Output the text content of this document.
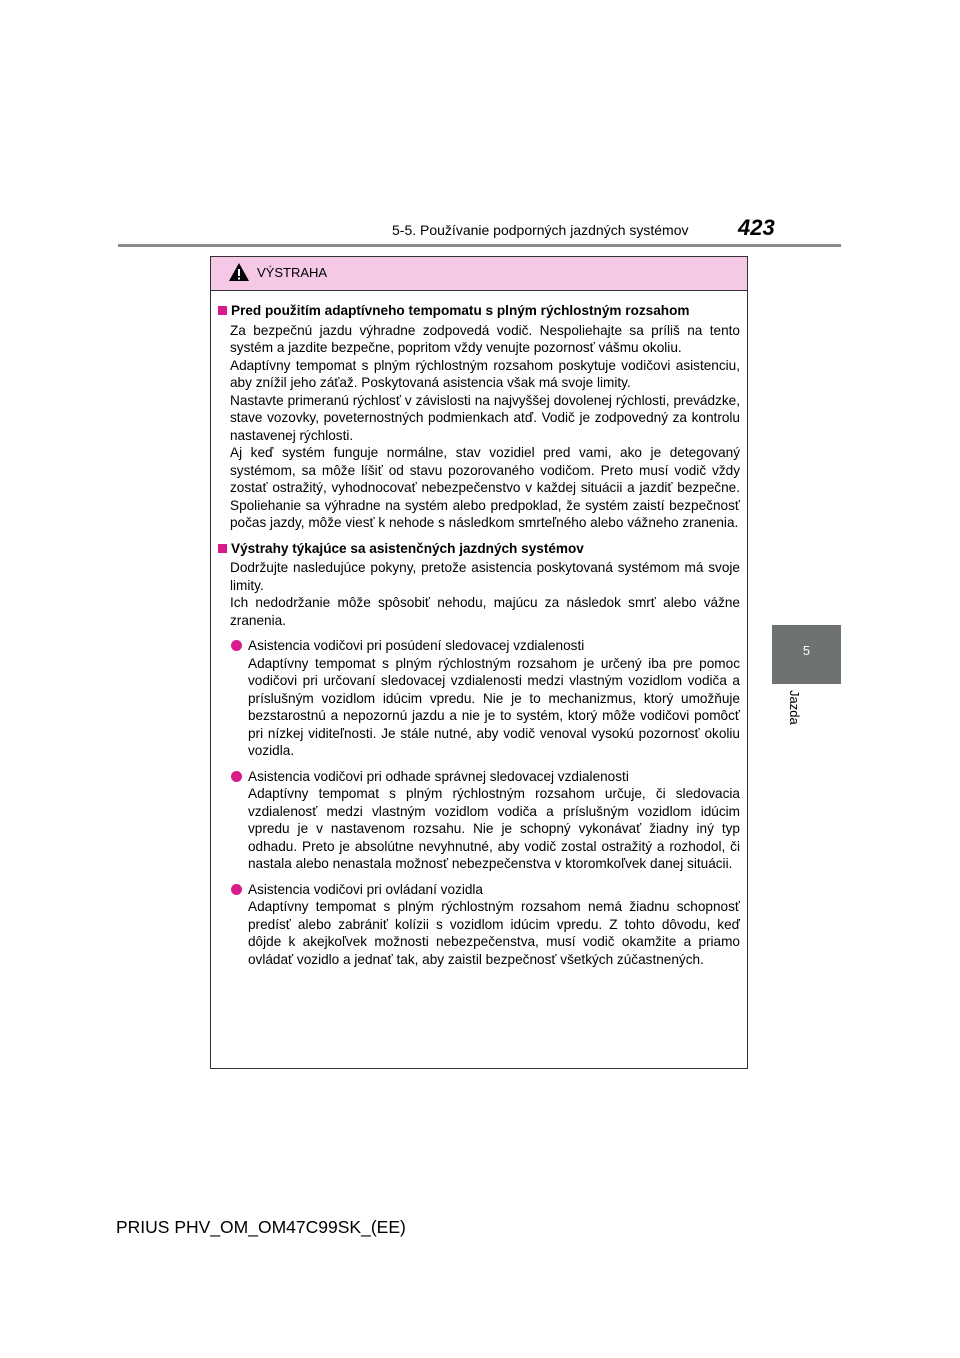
5-5. Používanie podporných jazdných systémov 423
5
Jazda
VÝSTRAHA
Pred použitím adaptívneho tempomatu s plným rýchlostným rozsahom

Za bezpečnú jazdu výhradne zodpovedá vodič. Nespoliehajte sa príliš na tento systém a jazdite bezpečne, popritom vždy venujte pozornosť vášmu okoliu.

Adaptívny tempomat s plným rýchlostným rozsahom poskytuje vodičovi asistenciu, aby znížil jeho záťaž. Poskytovaná asistencia však má svoje limity.

Nastavte primeranú rýchlosť v závislosti na najvyššej dovolenej rýchlosti, prevádzke, stave vozovky, poveternostných podmienkach atď. Vodič je zodpovedný za kontrolu nastavenej rýchlosti.

Aj keď systém funguje normálne, stav vozidiel pred vami, ako je detegovaný systémom, sa môže líšiť od stavu pozorovaného vodičom. Preto musí vodič vždy zostať ostražitý, vyhodnocovať nebezpečenstvo v každej situácii a jazdiť bezpečne. Spoliehanie sa výhradne na systém alebo predpoklad, že systém zaistí bezpečnosť počas jazdy, môže viesť k nehode s následkom smrteľného alebo vážneho zranenia.

Výstrahy týkajúce sa asistenčných jazdných systémov

Dodržujte nasledujúce pokyny, pretože asistencia poskytovaná systémom má svoje limity.

Ich nedodržanie môže spôsobiť nehodu, majúcu za následok smrť alebo vážne zranenia.

Asistencia vodičovi pri posúdení sledovacej vzdialenosti

Adaptívny tempomat s plným rýchlostným rozsahom je určený iba pre pomoc vodičovi pri určovaní sledovacej vzdialenosti medzi vlastným vozidlom vodiča a príslušným vozidlom idúcim vpredu. Nie je to mechanizmus, ktorý umožňuje bezstarostnú a nepozornú jazdu a nie je to systém, ktorý môže vodičovi pomôcť pri nízkej viditeľnosti. Je stále nutné, aby vodič venoval vysokú pozornosť okoliu vozidla.

Asistencia vodičovi pri odhade správnej sledovacej vzdialenosti

Adaptívny tempomat s plným rýchlostným rozsahom určuje, či sledovacia vzdialenosť medzi vlastným vozidlom vodiča a príslušným vozidlom idúcim vpredu je v nastavenom rozsahu. Nie je schopný vykonávať žiadny iný typ odhadu. Preto je absolútne nevyhnutné, aby vodič zostal ostražitý a rozhodol, či nastala alebo nenastala možnosť nebezpečenstva v ktoromkoľvek danej situácii.

Asistencia vodičovi pri ovládaní vozidla

Adaptívny tempomat s plným rýchlostným rozsahom nemá žiadnu schopnosť predísť alebo zabrániť kolízii s vozidlom idúcim vpredu. Z tohto dôvodu, keď dôjde k akejkoľvek možnosti nebezpečenstva, musí vodič okamžite a priamo ovládať vozidlo a jednať tak, aby zaistil bezpečnosť všetkých zúčastnených.

PRIUS PHV_OM_OM47C99SK_(EE)
